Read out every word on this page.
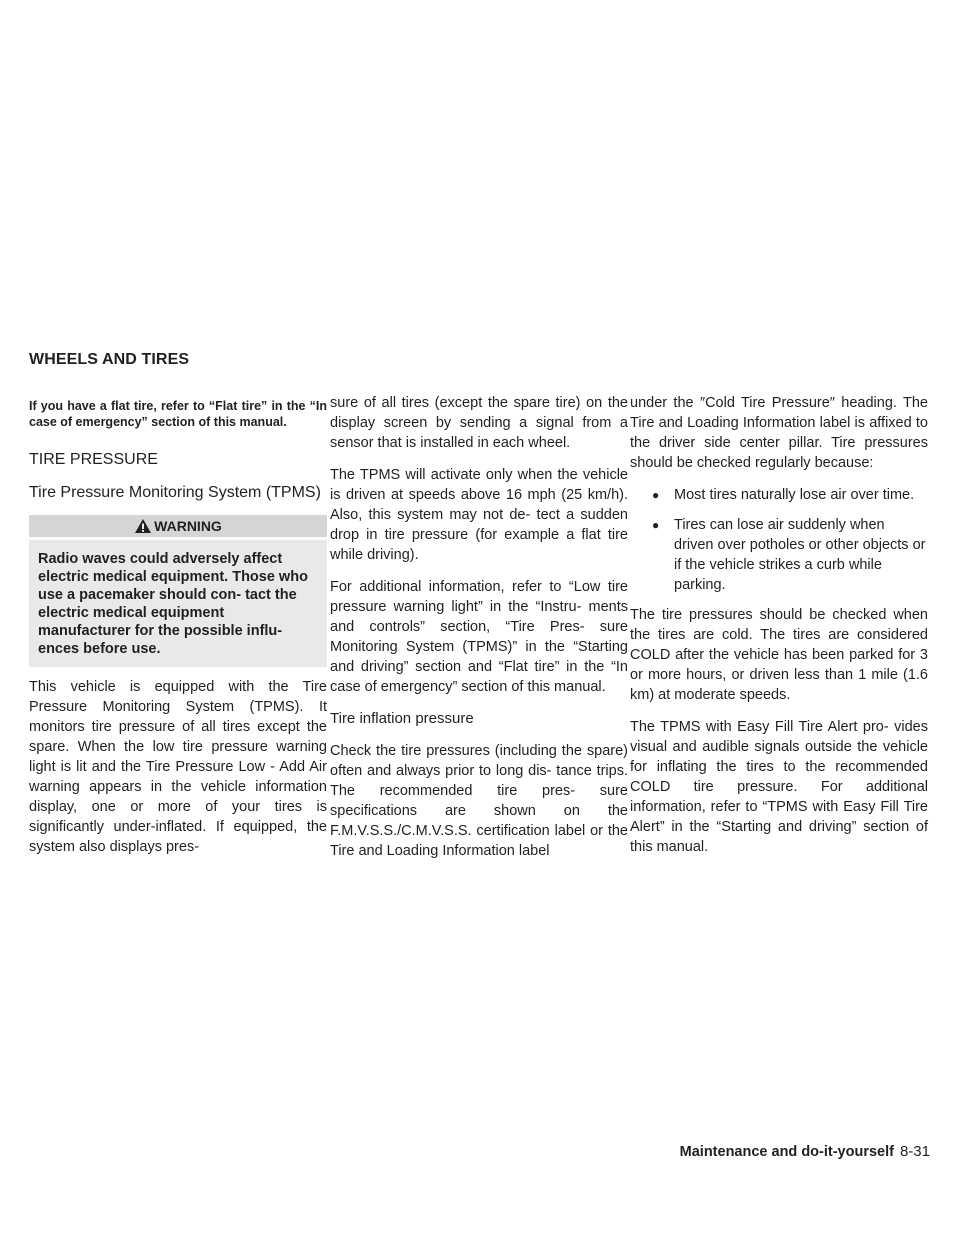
WHEELS AND TIRES

If you have a flat tire, refer to “Flat tire” in the “In case of emergency” section of this manual.

TIRE PRESSURE

Tire Pressure Monitoring System (TPMS)

WARNING
Radio waves could adversely affect electric medical equipment. Those who use a pacemaker should con- tact the electric medical equipment manufacturer for the possible influ- ences before use.

This vehicle is equipped with the Tire Pressure Monitoring System (TPMS). It monitors tire pressure of all tires except the spare. When the low tire pressure warning light is lit and the Tire Pressure Low - Add Air warning appears in the vehicle information display, one or more of your tires is significantly under-inflated. If equipped, the system also displays pres-

sure of all tires (except the spare tire) on the display screen by sending a signal from a sensor that is installed in each wheel.

The TPMS will activate only when the vehicle is driven at speeds above 16 mph (25 km/h). Also, this system may not de- tect a sudden drop in tire pressure (for example a flat tire while driving).

For additional information, refer to “Low tire pressure warning light” in the “Instru- ments and controls” section, “Tire Pres- sure Monitoring System (TPMS)” in the “Starting and driving” section and “Flat tire” in the “In case of emergency” section of this manual.

Tire inflation pressure

Check the tire pressures (including the spare) often and always prior to long dis- tance trips. The recommended tire pres- sure specifications are shown on the F.M.V.S.S./C.M.V.S.S. certification label or the Tire and Loading Information label

under the ″Cold Tire Pressure″ heading. The Tire and Loading Information label is affixed to the driver side center pillar. Tire pressures should be checked regularly because:

● Most tires naturally lose air over time.
● Tires can lose air suddenly when driven over potholes or other objects or if the vehicle strikes a curb while parking.

The tire pressures should be checked when the tires are cold. The tires are considered COLD after the vehicle has been parked for 3 or more hours, or driven less than 1 mile (1.6 km) at moderate speeds.

The TPMS with Easy Fill Tire Alert pro- vides visual and audible signals outside the vehicle for inflating the tires to the recommended COLD tire pressure. For additional information, refer to “TPMS with Easy Fill Tire Alert” in the “Starting and driving” section of this manual.

Maintenance and do-it-yourself 8-31
